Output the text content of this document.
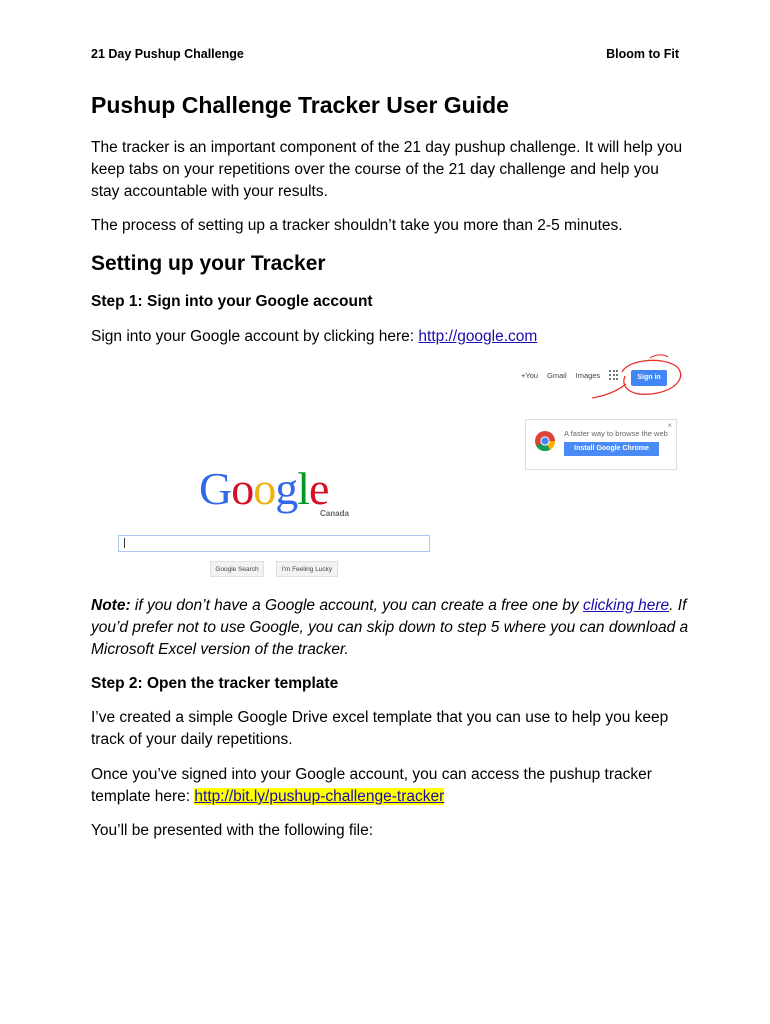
21 Day Pushup Challenge	Bloom to Fit
Pushup Challenge Tracker User Guide

The tracker is an important component of the 21 day pushup challenge. It will help you keep tabs on your repetitions over the course of the 21 day challenge and help you stay accountable with your results.

The process of setting up a tracker shouldn’t take you more than 2-5 minutes.

Setting up your Tracker

Step 1: Sign into your Google account

Sign into your Google account by clicking here: http://google.com

+You Gmail Images	Sign in
×
A faster way to browse the web
Install Google Chrome
Google
Canada
Google Search	I'm Feeling Lucky

Note: if you don’t have a Google account, you can create a free one by clicking here. If you’d prefer not to use Google, you can skip down to step 5 where you can download a Microsoft Excel version of the tracker.

Step 2: Open the tracker template

I’ve created a simple Google Drive excel template that you can use to help you keep track of your daily repetitions.

Once you’ve signed into your Google account, you can access the pushup tracker template here: http://bit.ly/pushup-challenge-tracker

You’ll be presented with the following file:
